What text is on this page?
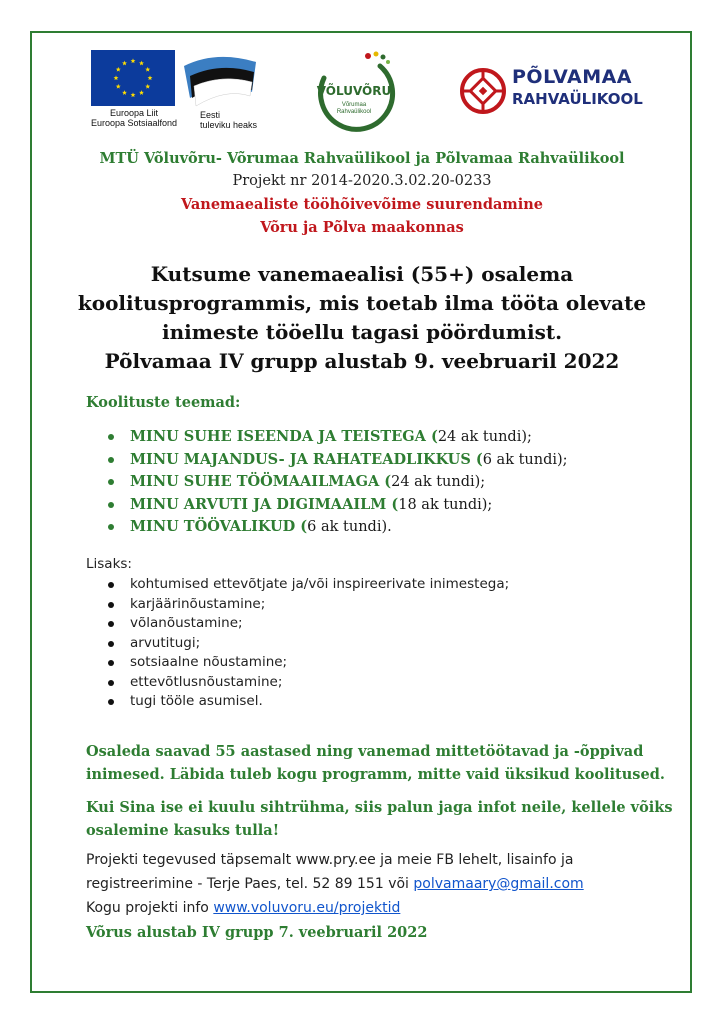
Euroopa Liit
Euroopa Sotsiaalfond
Eesti
tuleviku heaks
VÕLUVÕRU
Võrumaa
Rahvaülikool
PÕLVAMAA
RAHVAÜLIKOOL
MTÜ Võluvõru- Võrumaa Rahvaülikool ja Põlvamaa Rahvaülikool
Projekt nr 2014-2020.3.02.20-0233
Vanemaealiste tööhõivevõime suurendamine
Võru ja Põlva maakonnas
Kutsume vanemaealisi (55+) osalema
koolitusprogrammis, mis toetab ilma tööta olevate
inimeste tööellu tagasi pöördumist.
Põlvamaa IV grupp alustab 9. veebruaril 2022
Koolituste teemad:
MINU SUHE ISEENDA JA TEISTEGA (24 ak tundi);
MINU MAJANDUS- JA RAHATEADLIKKUS (6 ak tundi);
MINU SUHE TÖÖMAAILMAGA (24 ak tundi);
MINU ARVUTI JA DIGIMAAILM (18 ak tundi);
MINU TÖÖVALIKUD (6 ak tundi).
Lisaks:
kohtumised ettevõtjate ja/või inspireerivate inimestega;
karjäärinõustamine;
võlanõustamine;
arvutitugi;
sotsiaalne nõustamine;
ettevõtlusnõustamine;
tugi tööle asumisel.
Osaleda saavad 55 aastased ning vanemad mittetöötavad ja -õppivad inimesed. Läbida tuleb kogu programm, mitte vaid üksikud koolitused.
Kui Sina ise ei kuulu sihtrühma, siis palun jaga infot neile, kellele võiks osalemine kasuks tulla!
Projekti tegevused täpsemalt www.pry.ee ja meie FB lehelt, lisainfo ja
registreerimine - Terje Paes, tel. 52 89 151 või polvamaary@gmail.com
Kogu projekti info www.voluvoru.eu/projektid
Võrus alustab IV grupp 7. veebruaril 2022
